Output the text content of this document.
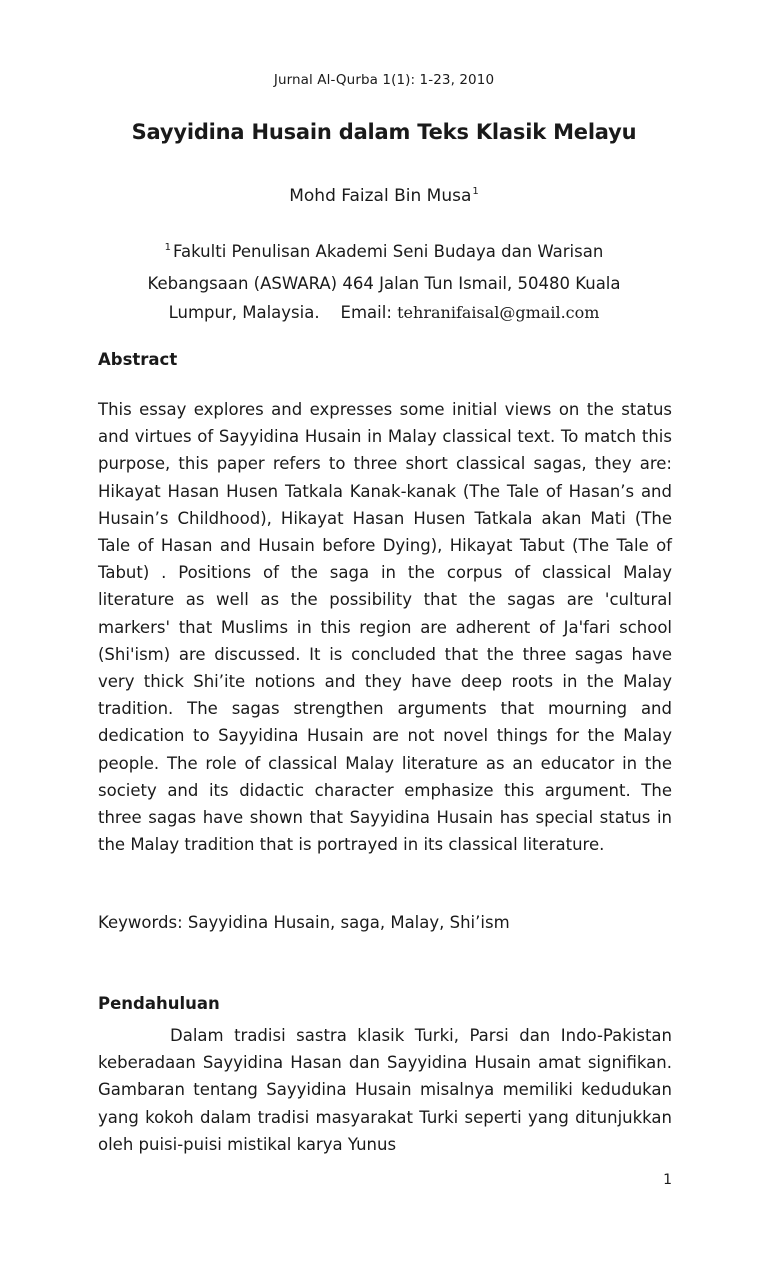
Jurnal Al-Qurba 1(1): 1-23, 2010
Sayyidina Husain dalam Teks Klasik Melayu
Mohd Faizal Bin Musa$^1$
$^1$ Fakulti Penulisan Akademi Seni Budaya dan Warisan
Kebangsaan (ASWARA) 464 Jalan Tun Ismail, 50480 Kuala
Lumpur, Malaysia.    Email: tehranifaisal@gmail.com
Abstract
This essay explores and expresses some initial views on the status and virtues of Sayyidina Husain in Malay classical text. To match this purpose, this paper refers to three short classical sagas, they are: Hikayat Hasan Husen Tatkala Kanak-kanak (The Tale of Hasan’s and Husain’s Childhood), Hikayat Hasan Husen Tatkala akan Mati (The Tale of Hasan and Husain before Dying), Hikayat Tabut (The Tale of Tabut) . Positions of the saga in the corpus of classical Malay literature as well as the possibility that the sagas are 'cultural markers' that Muslims in this region are adherent of Ja'fari school (Shi'ism) are discussed. It is concluded that the three sagas have very thick Shi’ite notions and they have deep roots in the Malay tradition. The sagas strengthen arguments that mourning and dedication to Sayyidina Husain are not novel things for the Malay people. The role of classical Malay literature as an educator in the society and its didactic character emphasize this argument. The three sagas have shown that Sayyidina Husain has special status in the Malay tradition that is portrayed in its classical literature.
Keywords: Sayyidina Husain, saga, Malay, Shi’ism
Pendahuluan
Dalam tradisi sastra klasik Turki, Parsi dan Indo-Pakistan keberadaan Sayyidina Hasan dan Sayyidina Husain amat signifikan. Gambaran tentang Sayyidina Husain misalnya memiliki kedudukan yang kokoh dalam tradisi masyarakat Turki seperti yang ditunjukkan oleh puisi-puisi mistikal karya Yunus
1
